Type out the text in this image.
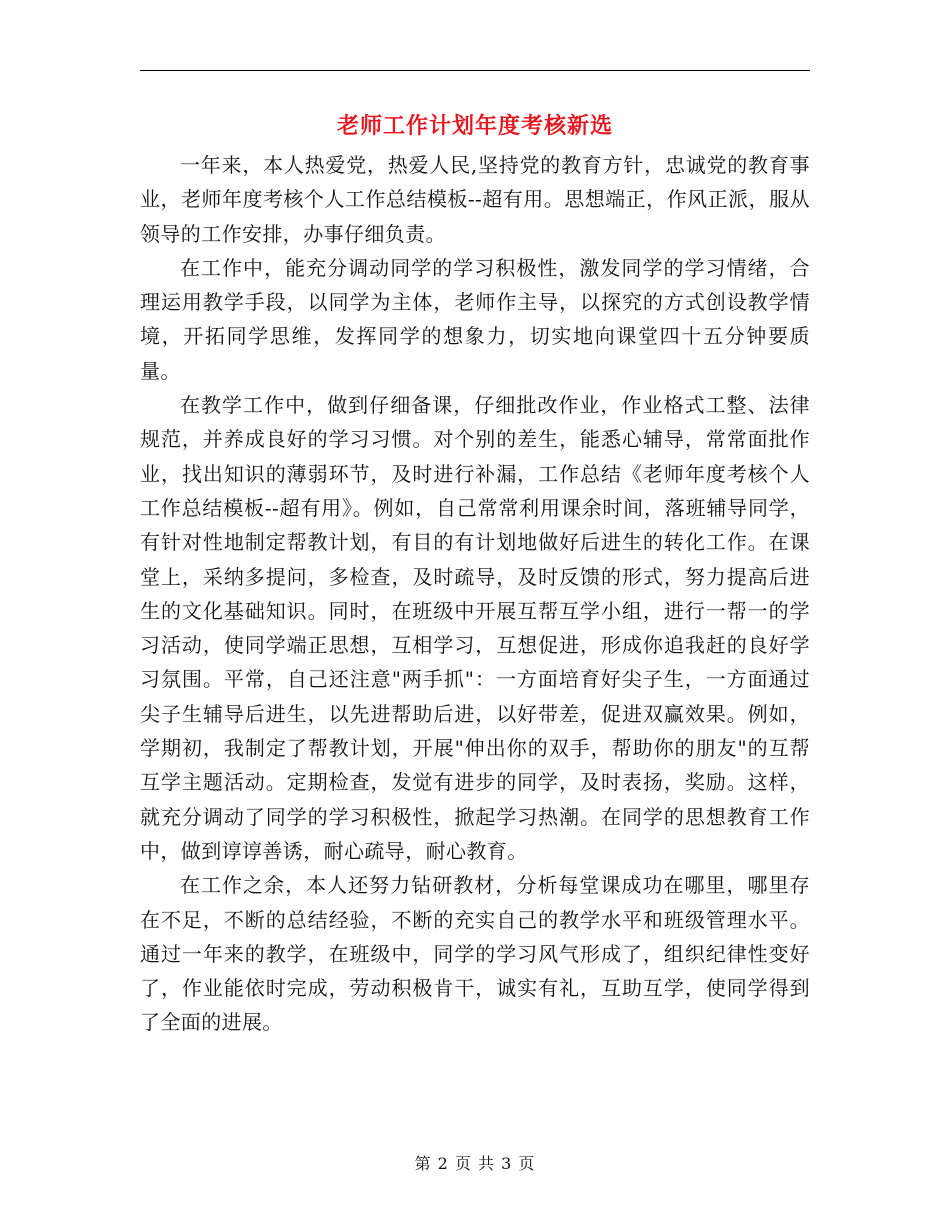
老师工作计划年度考核新选

一年来，本人热爱党，热爱人民,坚持党的教育方针，忠诚党的教育事业，老师年度考核个人工作总结模板--超有用。思想端正，作风正派，服从领导的工作安排，办事仔细负责。

在工作中，能充分调动同学的学习积极性，激发同学的学习情绪，合理运用教学手段，以同学为主体，老师作主导，以探究的方式创设教学情境，开拓同学思维，发挥同学的想象力，切实地向课堂四十五分钟要质量。

在教学工作中，做到仔细备课，仔细批改作业，作业格式工整、法律规范，并养成良好的学习习惯。对个别的差生，能悉心辅导，常常面批作业，找出知识的薄弱环节，及时进行补漏，工作总结《老师年度考核个人工作总结模板--超有用》。例如，自己常常利用课余时间，落班辅导同学，有针对性地制定帮教计划，有目的有计划地做好后进生的转化工作。在课堂上，采纳多提问，多检查，及时疏导，及时反馈的形式，努力提高后进生的文化基础知识。同时，在班级中开展互帮互学小组，进行一帮一的学习活动，使同学端正思想，互相学习，互想促进，形成你追我赶的良好学习氛围。平常，自己还注意"两手抓"：一方面培育好尖子生，一方面通过尖子生辅导后进生，以先进帮助后进，以好带差，促进双赢效果。例如，学期初，我制定了帮教计划，开展"伸出你的双手，帮助你的朋友"的互帮互学主题活动。定期检查，发觉有进步的同学，及时表扬，奖励。这样，就充分调动了同学的学习积极性，掀起学习热潮。在同学的思想教育工作中，做到谆谆善诱，耐心疏导，耐心教育。

在工作之余，本人还努力钻研教材，分析每堂课成功在哪里，哪里存在不足，不断的总结经验，不断的充实自己的教学水平和班级管理水平。通过一年来的教学，在班级中，同学的学习风气形成了，组织纪律性变好了，作业能依时完成，劳动积极肯干，诚实有礼，互助互学，使同学得到了全面的进展。

第 2 页 共 3 页
